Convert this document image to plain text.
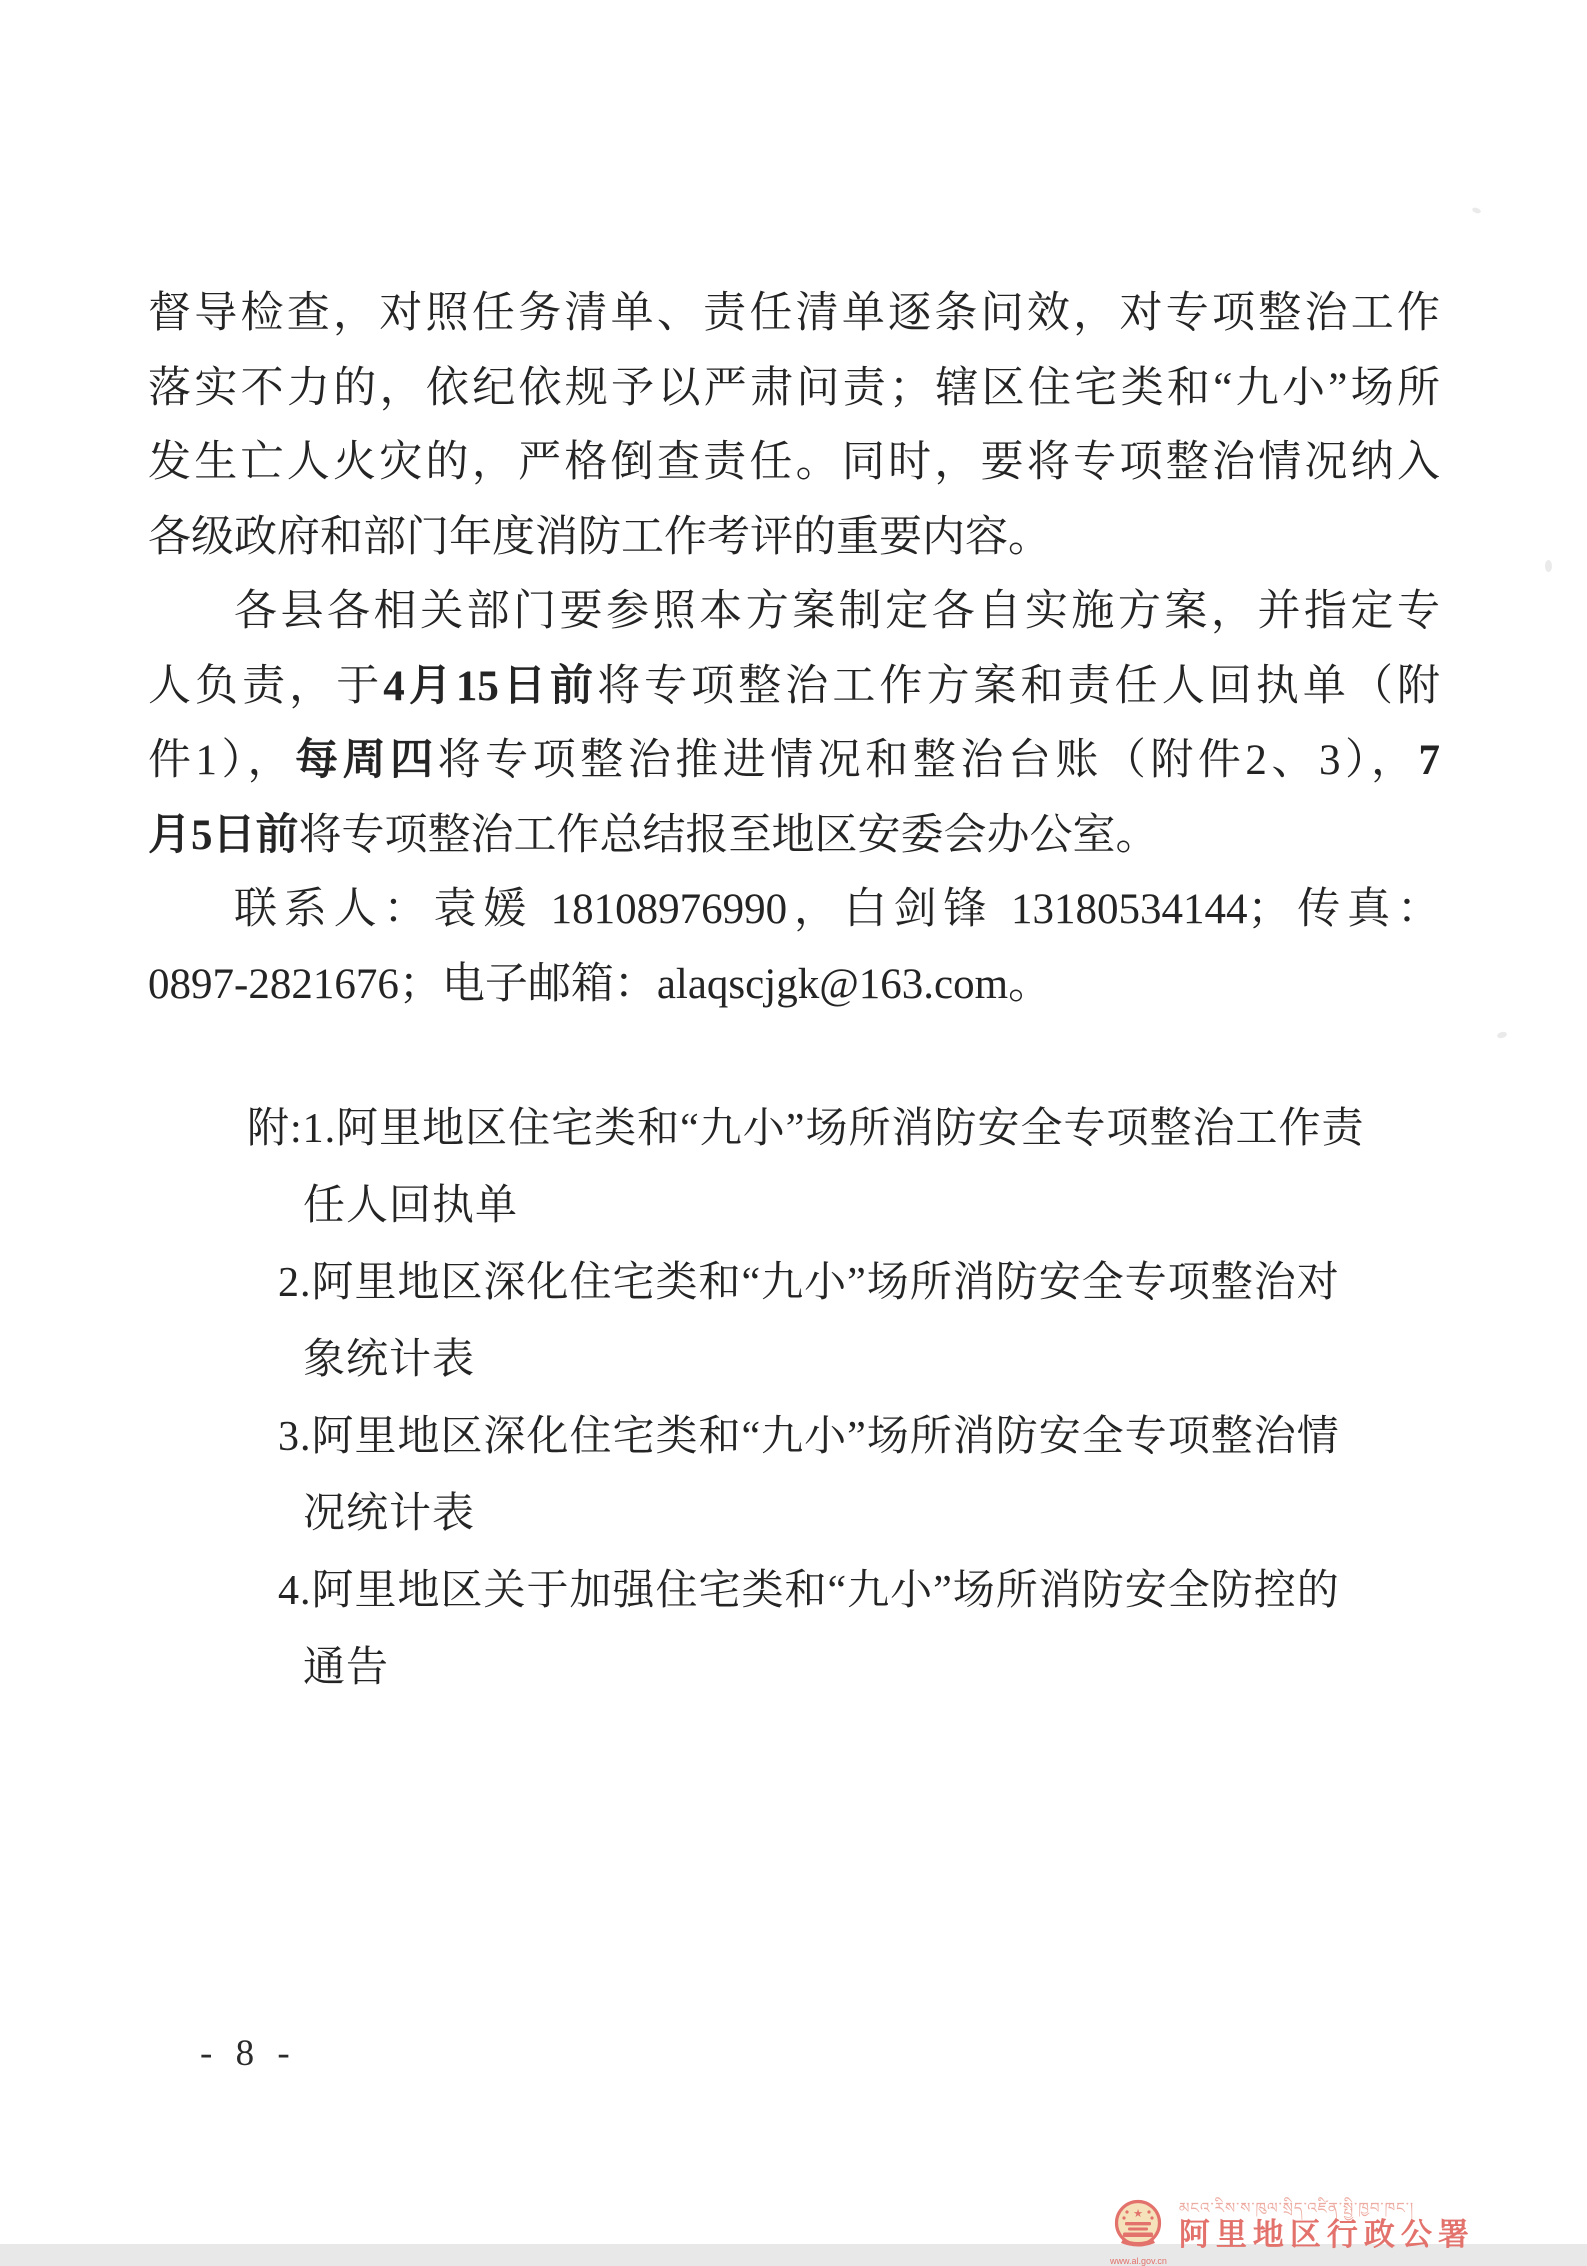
督导检查，对照任务清单、责任清单逐条问效，对专项整治工作
落实不力的，依纪依规予以严肃问责；辖区住宅类和“九小”场所
发生亡人火灾的，严格倒查责任。同时，要将专项整治情况纳入
各级政府和部门年度消防工作考评的重要内容。
各县各相关部门要参照本方案制定各自实施方案，并指定专
人负责，于4月15日前将专项整治工作方案和责任人回执单（附
件1），每周四将专项整治推进情况和整治台账（附件2、3），7
月5日前将专项整治工作总结报至地区安委会办公室。
联系人：袁媛 18108976990，白剑锋 13180534144；传真：
0897-2821676；电子邮箱：alaqscjgk@163.com。
附:1.阿里地区住宅类和“九小”场所消防安全专项整治工作责
任人回执单
2.阿里地区深化住宅类和“九小”场所消防安全专项整治对
象统计表
3.阿里地区深化住宅类和“九小”场所消防安全专项整治情
况统计表
4.阿里地区关于加强住宅类和“九小”场所消防安全防控的
通告
- 8 -
★
www.al.gov.cn
མངའ་རིས་ས་ཁུལ་སྲིད་འཛིན་སྤྱི་ཁྱབ་ཁང་།
阿里地区行政公署
